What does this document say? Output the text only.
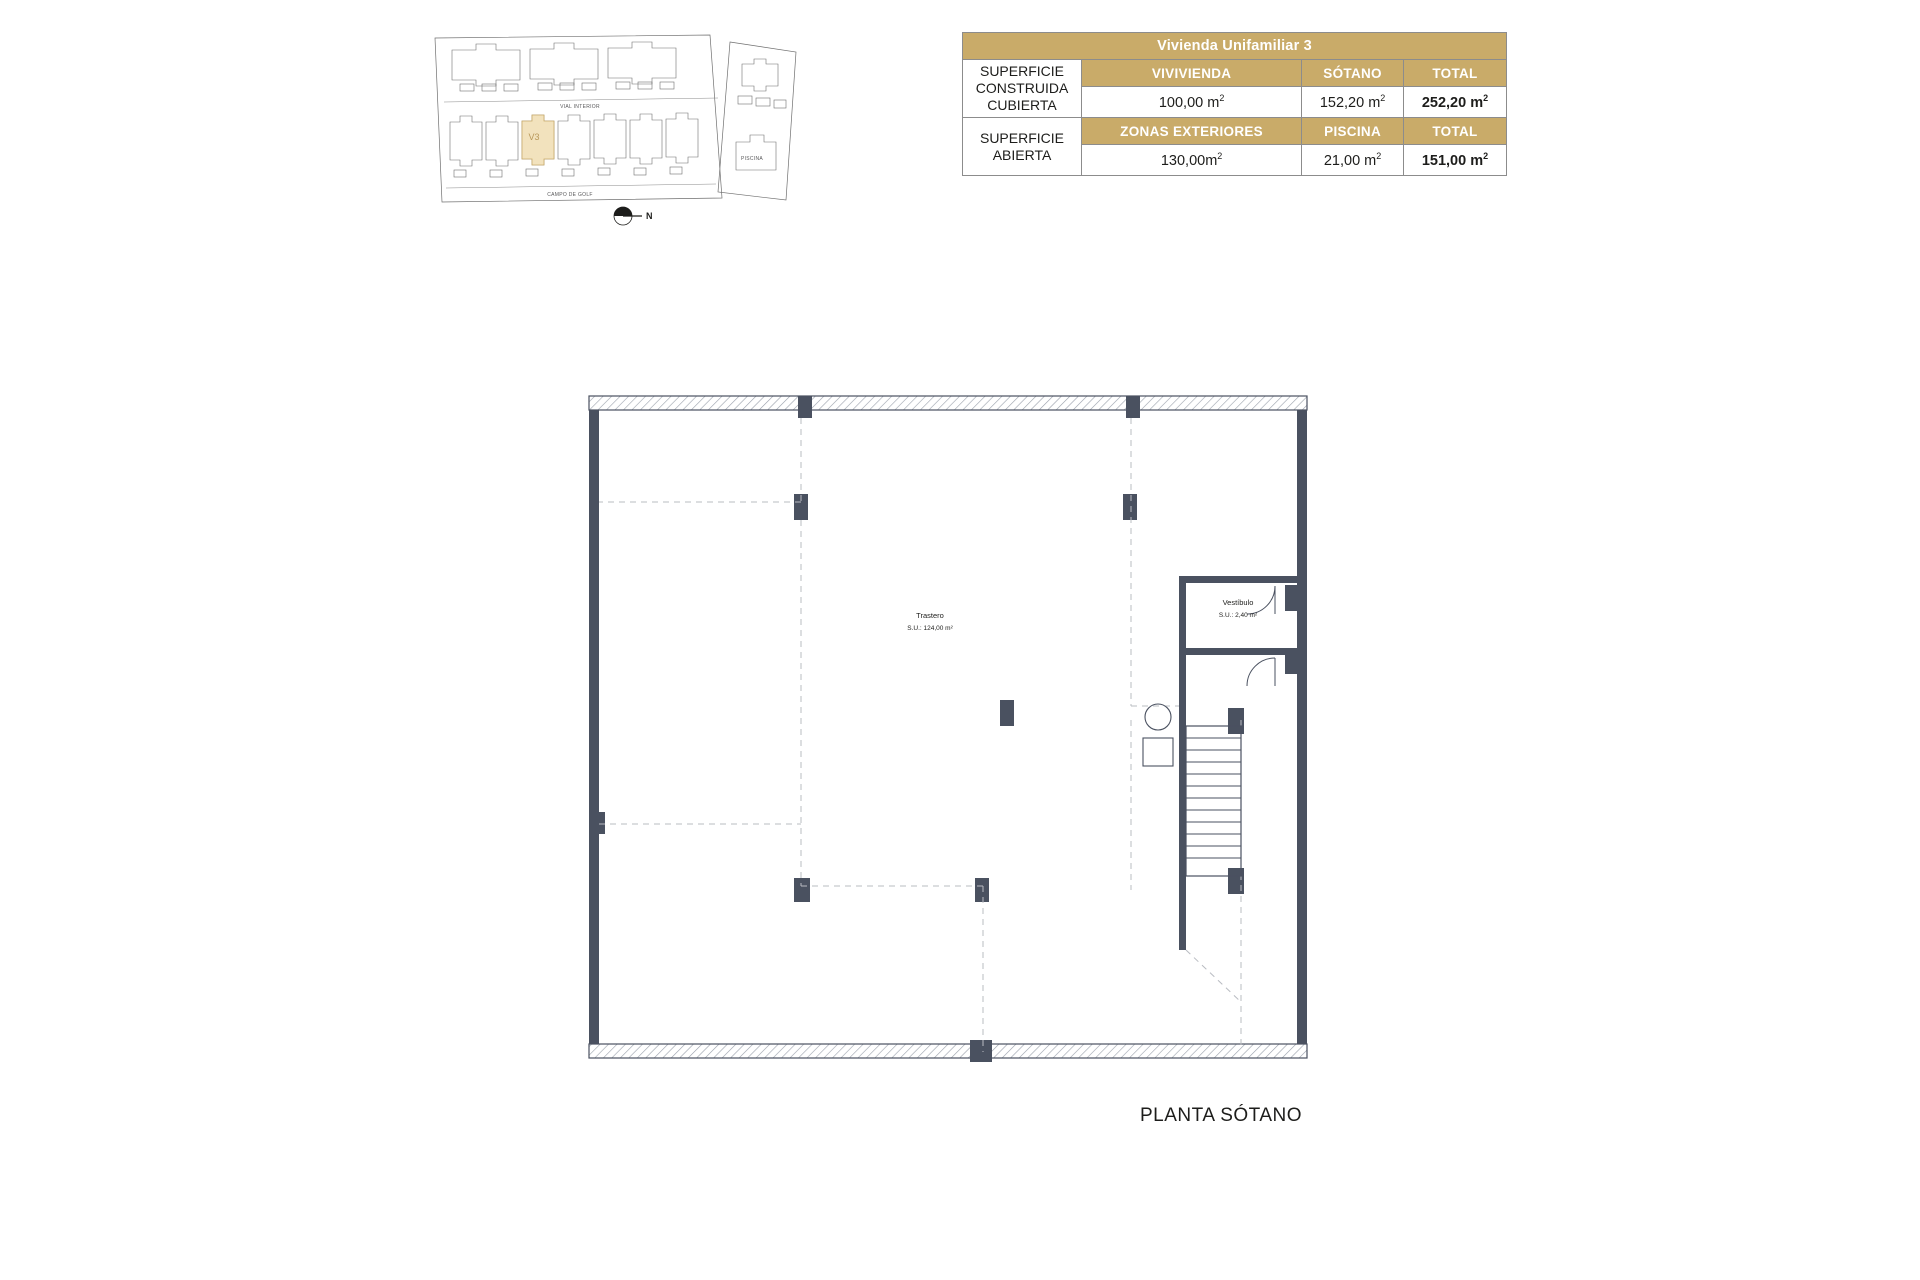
VIAL INTERIOR
V3
CAMPO DE GOLF
PISCINA
N
Vivienda Unifamiliar 3			
SUPERFICIE CONSTRUIDA CUBIERTA	VIVIVIENDA	SÓTANO	TOTAL
	100,00 $m^2$	152,20 $m^2$	252,20 $m^2$
SUPERFICIE ABIERTA	ZONAS EXTERIORES	PISCINA	TOTAL
	$130,00m^2$	21,00 $m^2$	151,00 $m^2$
Trastero
S.U.: 124,00 m²
Vestíbulo
S.U.: 2,40 m²
PLANTA SÓTANO
